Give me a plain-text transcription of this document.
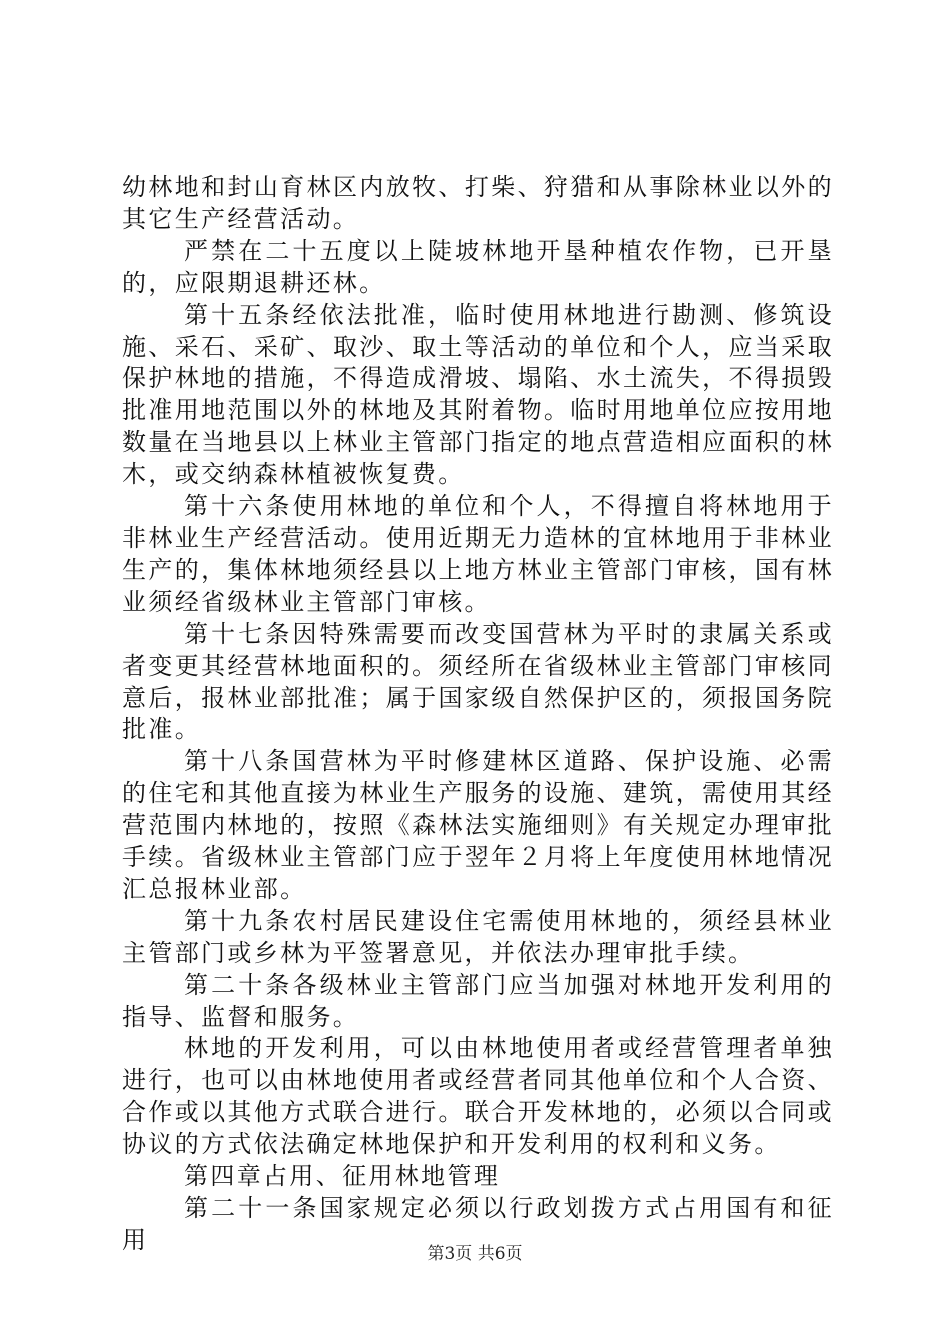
幼林地和封山育林区内放牧、打柴、狩猎和从事除林业以外的其它生产经营活动。

严禁在二十五度以上陡坡林地开垦种植农作物，已开垦的，应限期退耕还林。

第十五条经依法批准，临时使用林地进行勘测、修筑设施、采石、采矿、取沙、取土等活动的单位和个人，应当采取保护林地的措施，不得造成滑坡、塌陷、水土流失，不得损毁批准用地范围以外的林地及其附着物。临时用地单位应按用地数量在当地县以上林业主管部门指定的地点营造相应面积的林木，或交纳森林植被恢复费。

第十六条使用林地的单位和个人，不得擅自将林地用于非林业生产经营活动。使用近期无力造林的宜林地用于非林业生产的，集体林地须经县以上地方林业主管部门审核，国有林业须经省级林业主管部门审核。

第十七条因特殊需要而改变国营林为平时的隶属关系或者变更其经营林地面积的。须经所在省级林业主管部门审核同意后，报林业部批准；属于国家级自然保护区的，须报国务院批准。

第十八条国营林为平时修建林区道路、保护设施、必需的住宅和其他直接为林业生产服务的设施、建筑，需使用其经营范围内林地的，按照《森林法实施细则》有关规定办理审批手续。省级林业主管部门应于翌年２月将上年度使用林地情况汇总报林业部。

第十九条农村居民建设住宅需使用林地的，须经县林业主管部门或乡林为平签署意见，并依法办理审批手续。

第二十条各级林业主管部门应当加强对林地开发利用的指导、监督和服务。

林地的开发利用，可以由林地使用者或经营管理者单独进行，也可以由林地使用者或经营者同其他单位和个人合资、合作或以其他方式联合进行。联合开发林地的，必须以合同或协议的方式依法确定林地保护和开发利用的权利和义务。

第四章占用、征用林地管理

第二十一条国家规定必须以行政划拨方式占用国有和征用

第3页 共6页
